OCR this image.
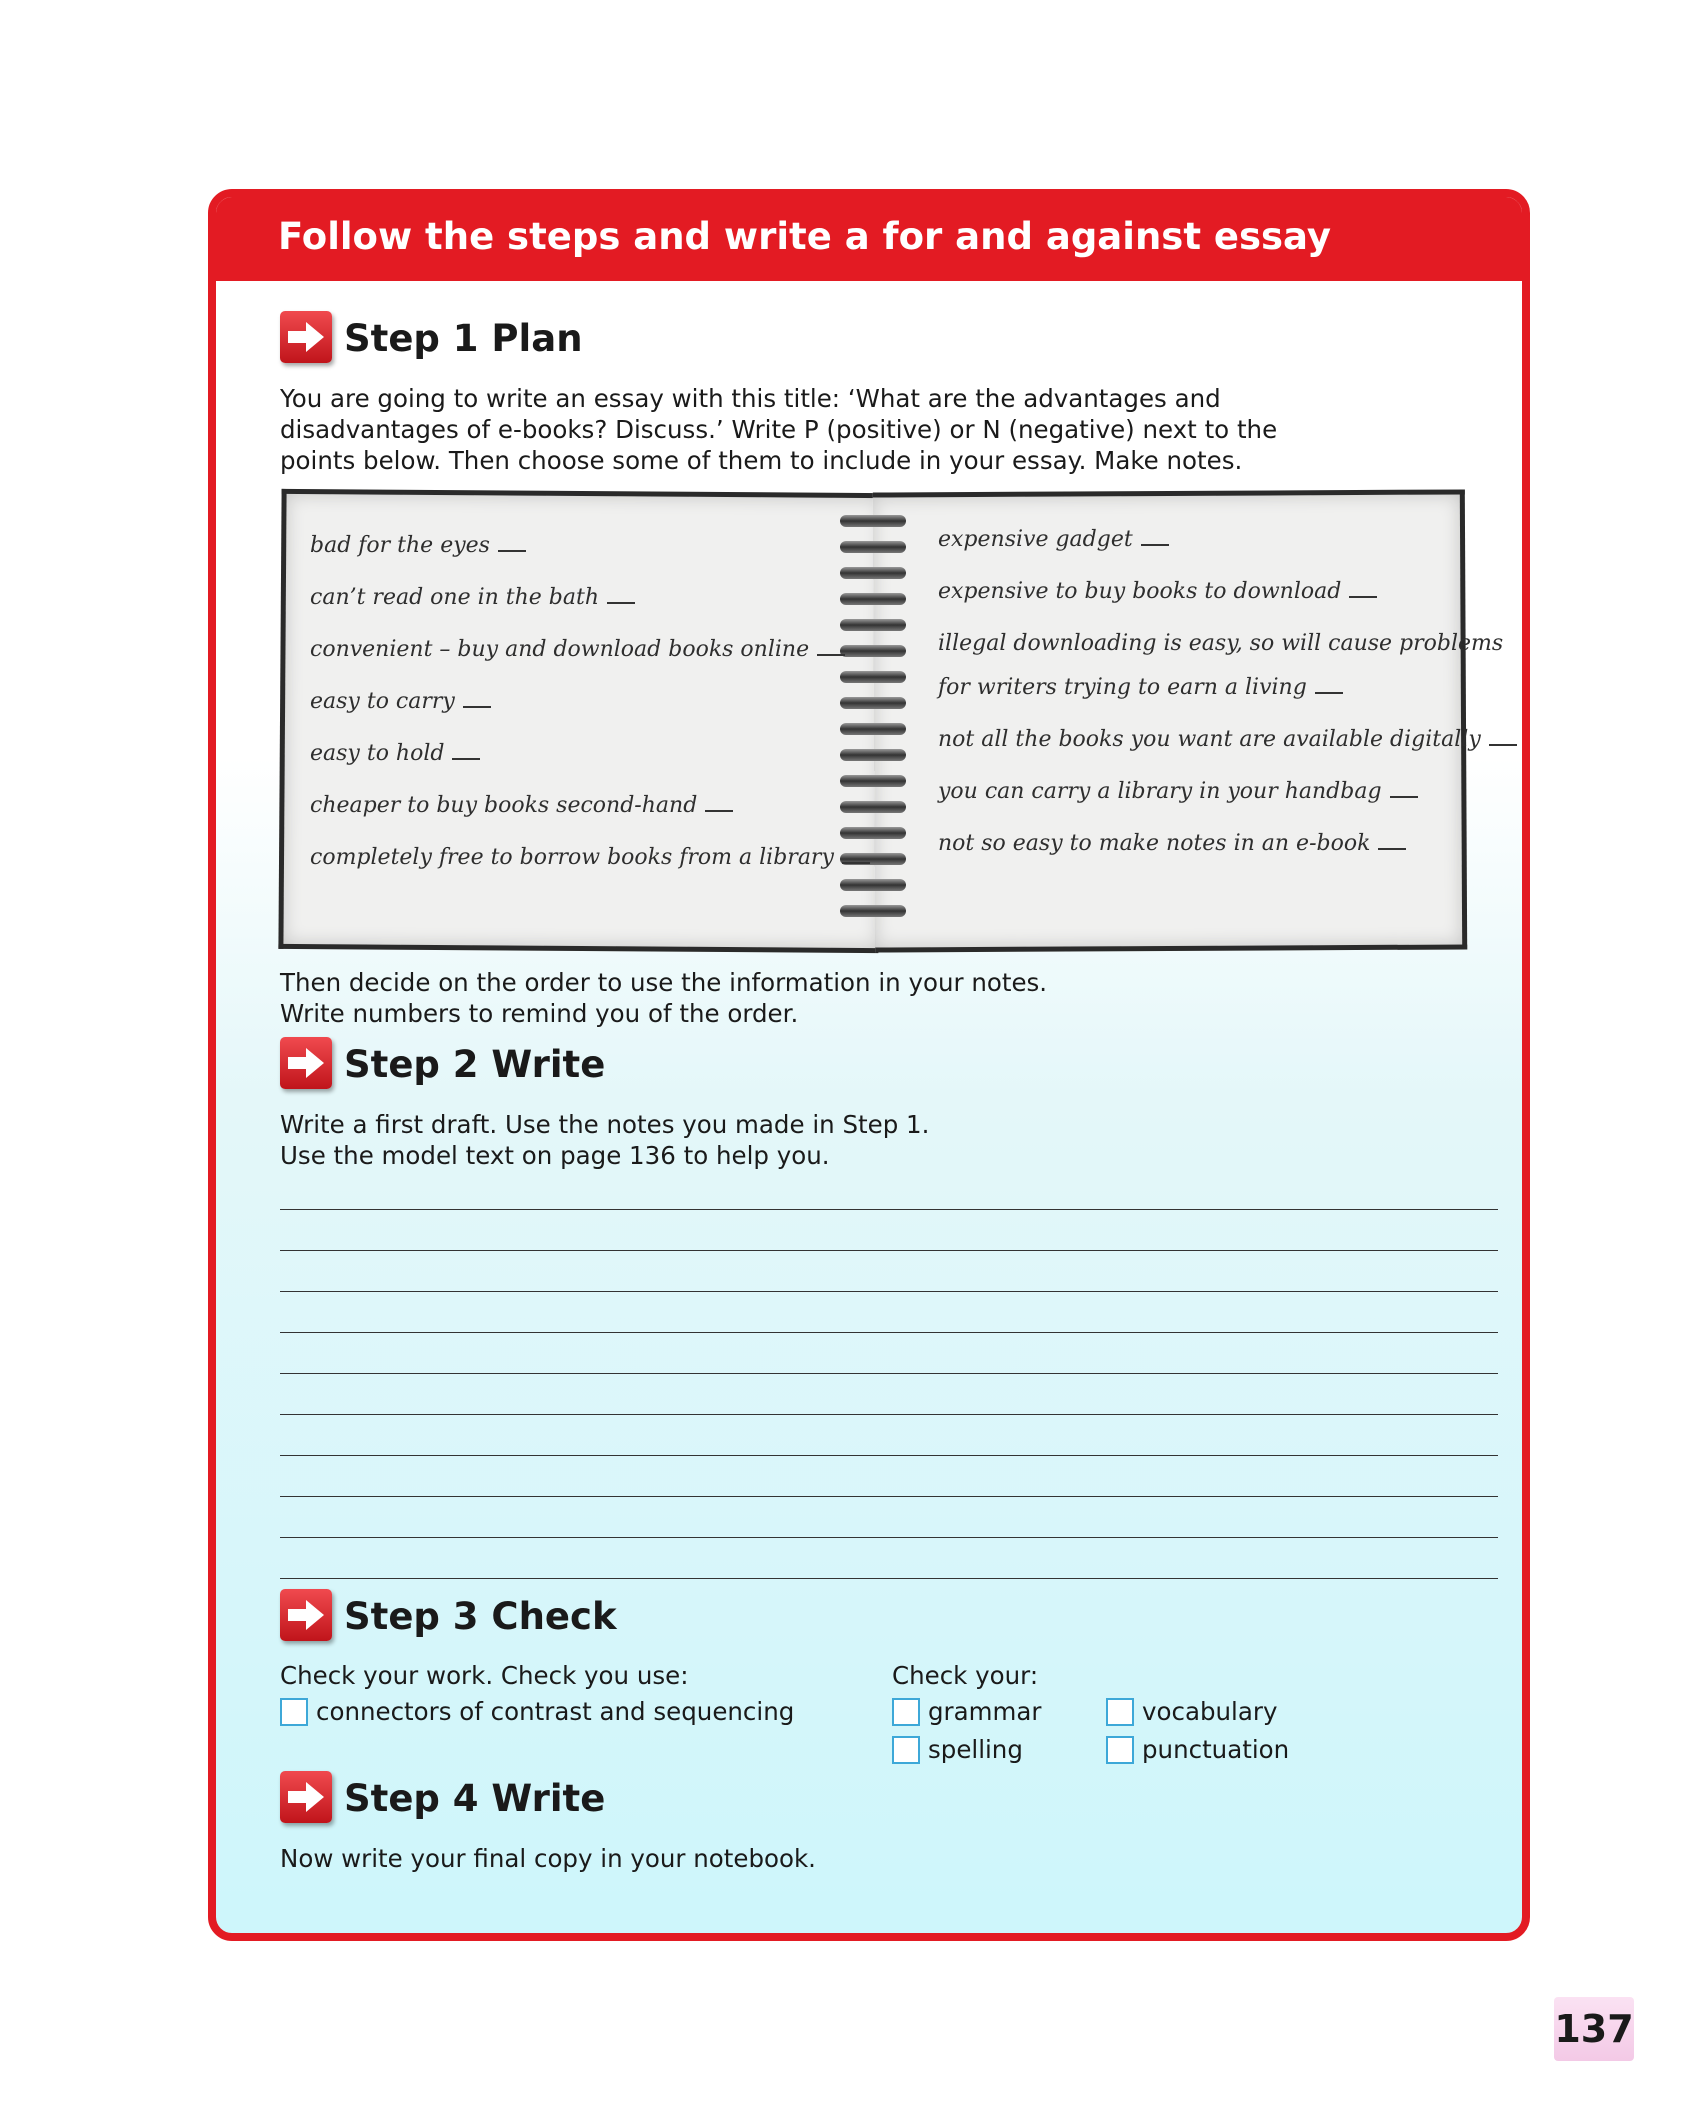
Follow the steps and write a for and against essay
Step 1 Plan
You are going to write an essay with this title: ‘What are the advantages and
disadvantages of e-books? Discuss.’ Write P (positive) or N (negative) next to the
points below. Then choose some of them to include in your essay. Make notes.
bad for the eyes
can’t read one in the bath
convenient – buy and download books online
easy to carry
easy to hold
cheaper to buy books second-hand
completely free to borrow books from a library
expensive gadget
expensive to buy books to download
illegal downloading is easy, so will cause problems
for writers trying to earn a living
not all the books you want are available digitally
you can carry a library in your handbag
not so easy to make notes in an e-book
Then decide on the order to use the information in your notes.
Write numbers to remind you of the order.
Step 2 Write
Write a first draft. Use the notes you made in Step 1.
Use the model text on page 136 to help you.
Step 3 Check
Check your work. Check you use:
connectors of contrast and sequencing
Check your:
grammar	vocabulary
spelling	punctuation
Step 4 Write
Now write your final copy in your notebook.
137
